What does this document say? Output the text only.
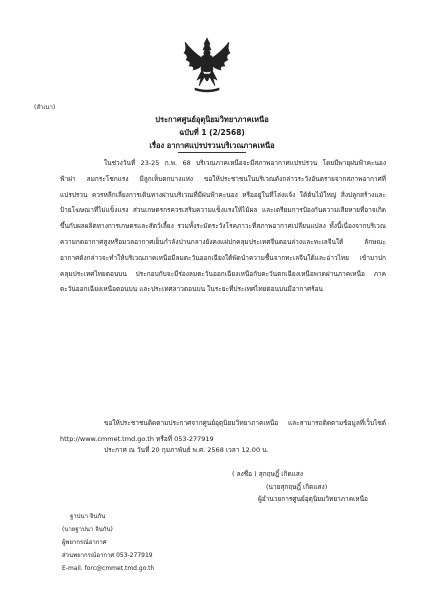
(สำเนา)
ประกาศศูนย์อุตุนิยมวิทยาภาคเหนือ
ฉบับที่ 1 (2/2568)
เรื่อง อากาศแปรปรวนบริเวณภาคเหนือ

ในช่วงวันที่ 23-25 ก.พ. 68 บริเวณภาคเหนือจะมีสภาพอากาศแปรปรวน โดยมีพายุฝนฟ้าคะนอง ฟ้าผ่า ลมกระโชกแรง มีลูกเห็บตกบางแห่ง ขอให้ประชาชนในบริเวณดังกล่าวระวังอันตรายจากสภาพอากาศที่แปรปรวน ควรหลีกเลี่ยงการเดินทางผ่านบริเวณที่มีฝนฟ้าคะนอง หรืออยู่ในที่โล่งแจ้ง ใต้ต้นไม้ใหญ่ สิ่งปลูกสร้างและป้ายโฆษณาที่ไม่แข็งแรง ส่วนเกษตรกรควรเสริมความแข็งแรงให้ไม้ผล และเตรียมการป้องกันความเสียหายที่อาจเกิดขึ้นกับผลผลิตทางการเกษตรและสัตว์เลี้ยง รวมทั้งระมัดระวังโรคภาวะที่สภาพอากาศเปลี่ยนแปลง ทั้งนี้เนื่องจากบริเวณความกดอากาศสูงหรือมวลอากาศเย็นกำลังปานกลางยังคงแผ่ปกคลุมประเทศจีนตอนล่างและทะเลจีนใต้ ลักษณะอากาศดังกล่าวจะทำให้บริเวณภาคเหนือมีลมตะวันออกเฉียงใต้พัดนำความชื้นจากทะเลจีนใต้และอ่าวไทย เข้ามาปกคลุมประเทศไทยตอนบน ประกอบกับจะมีร่องลมตะวันออกเฉียงเหนือกับตะวันตกเฉียงเหนือพาดผ่านภาคเหนือ ภาคตะวันออกเฉียงเหนือตอนบน และประเทศลาวตอนบน ในระยะที่ประเทศไทยตอนบนมีอากาศร้อน

ขอให้ประชาชนติดตามประกาศจากศูนย์อุตุนิยมวิทยาภาคเหนือ และสามารถติดตามข้อมูลที่เว็บไซต์ http://www.cmmet.tmd.go.th หรือที่ 053-277919

ประกาศ ณ วันที่ 20 กุมภาพันธ์ พ.ศ. 2568 เวลา 12.00 น.
( ลงชื่อ ) สุกฤษฎิ์ เกิดแสง
(นายสุกฤษฎิ์ เกิดแสง)
ผู้อำนวยการศูนย์อุตุนิยมวิทยาภาคเหนือ
ฐาปนา จินกัน
(นายฐาปนา จินกัน)
ผู้พยากรณ์อากาศ
ส่วนพยากรณ์อากาศ 053-277919
E-mail. forc@cmmet.tmd.go.th
